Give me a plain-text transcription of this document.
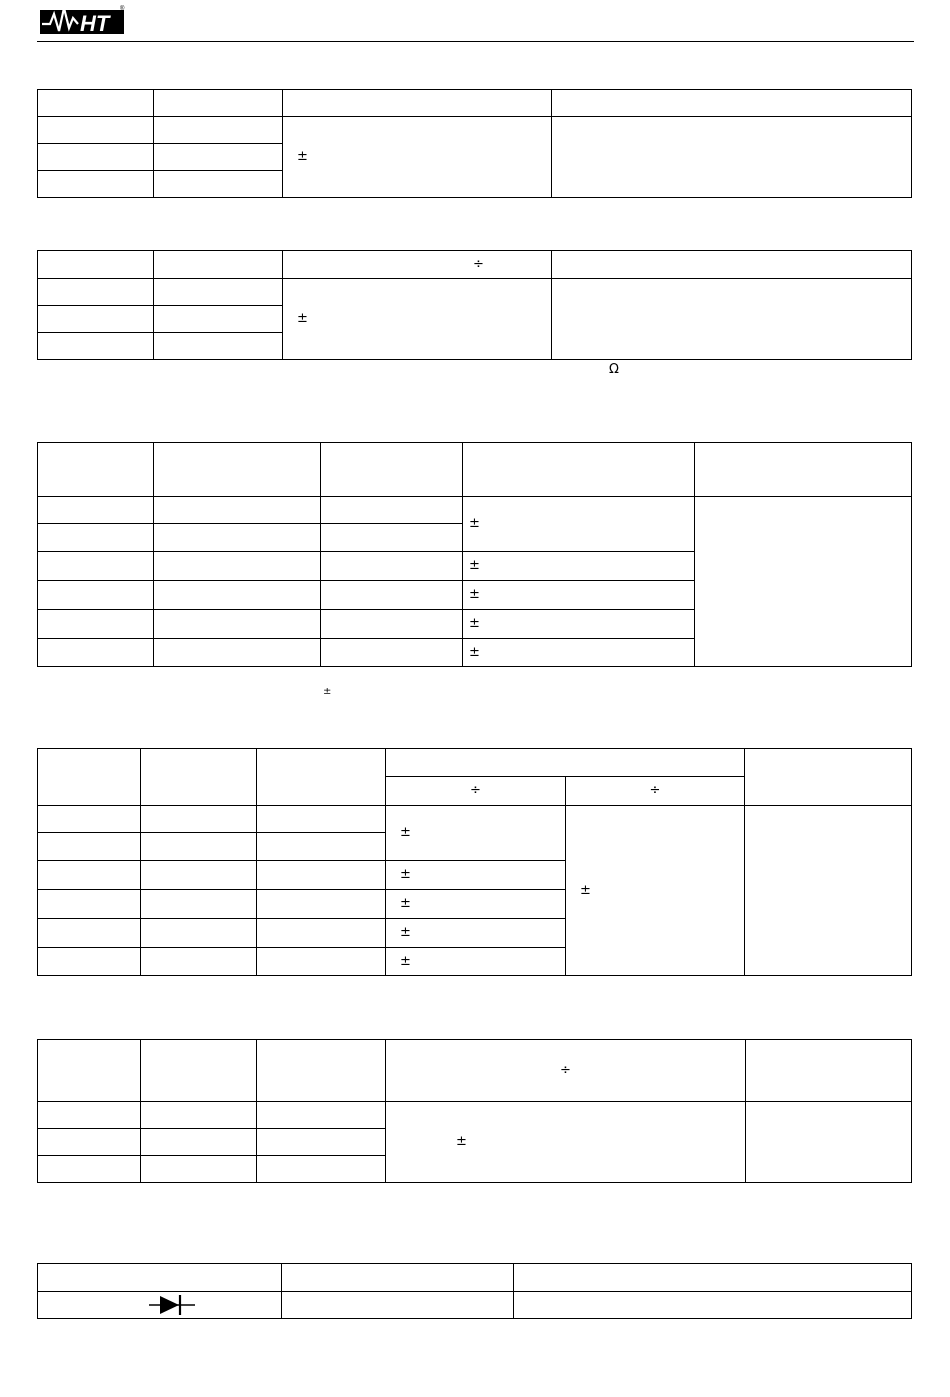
HT
®

		±	

		÷	
		±	

Ω

			±	

			±	
			±	
			±	
			±	
±

			÷	÷	
			±	±	

			±		
			±		
			±		
			±		
			÷	
			±	
